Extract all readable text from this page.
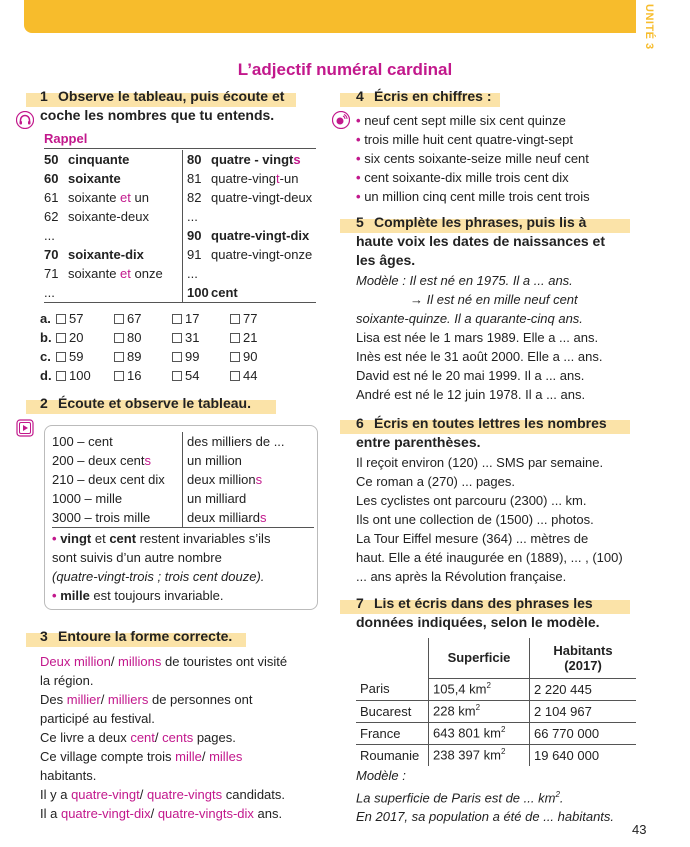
UNITÉ 3
L’adjectif numéral cardinal
1 Observe le tableau, puis écoute et
coche les nombres que tu entends.
Rappel
50	cinquante	80	quatre - vingts
60	soixante	81	quatre-vingt-un
61	soixante et un	82	quatre-vingt-deux
62	soixante-deux	...	
...		90	quatre-vingt-dix
70	soixante-dix	91	quatre-vingt-onze
71	soixante et onze	...	
...		100	cent
a. 57	67	17	77
b. 20	80	31	21
c. 59	89	99	90
d. 100	16	54	44
2 Écoute et observe le tableau.
100 – cent	des milliers de ...
200 – deux cents	un million
210 – deux cent dix	deux millions
1000 – mille	un milliard
3000 – trois mille	deux milliards
• vingt et cent restent invariables s’ils
sont suivis d’un autre nombre
(quatre-vingt-trois ; trois cent douze).
• mille est toujours invariable.
3 Entoure la forme correcte.
Deux million/ millions de touristes ont visité
la région.
Des millier/ milliers de personnes ont
participé au festival.
Ce livre a deux cent/ cents pages.
Ce village compte trois mille/ milles
habitants.
Il y a quatre-vingt/ quatre-vingts candidats.
Il a quatre-vingt-dix/ quatre-vingts-dix ans.
4 Écris en chiffres :
• neuf cent sept mille six cent quinze
• trois mille huit cent quatre-vingt-sept
• six cents soixante-seize mille neuf cent
• cent soixante-dix mille trois cent dix
• un million cinq cent mille trois cent trois
5 Complète les phrases, puis lis à
haute voix les dates de naissances et
les âges.
Modèle : Il est né en 1975. Il a ... ans.
→ Il est né en mille neuf cent
soixante-quinze. Il a quarante-cinq ans.
Lisa est née le 1 mars 1989. Elle a ... ans.
Inès est née le 31 août 2000. Elle a ... ans.
David est né le 20 mai 1999. Il a ... ans.
André est né le 12 juin 1978. Il a ... ans.
6 Écris en toutes lettres les nombres
entre parenthèses.
Il reçoit environ (120) ... SMS par semaine.
Ce roman a (270) ... pages.
Les cyclistes ont parcouru (2300) ... km.
Ils ont une collection de (1500) ... photos.
La Tour Eiffel mesure (364) ... mètres de
haut. Elle a été inaugurée en (1889), ... , (100)
... ans après la Révolution française.
7 Lis et écris dans des phrases les
données indiquées, selon le modèle.
	Superficie	Habitants
(2017)

Paris	105,4 $km^2$	2 220 445
Bucarest	228 $km^2$	2 104 967
France	643 801 $km^2$	66 770 000
Roumanie	238 397 $km^2$	19 640 000
Modèle :
La superficie de Paris est de ... $km^2$.
En 2017, sa population a été de ... habitants.
43
